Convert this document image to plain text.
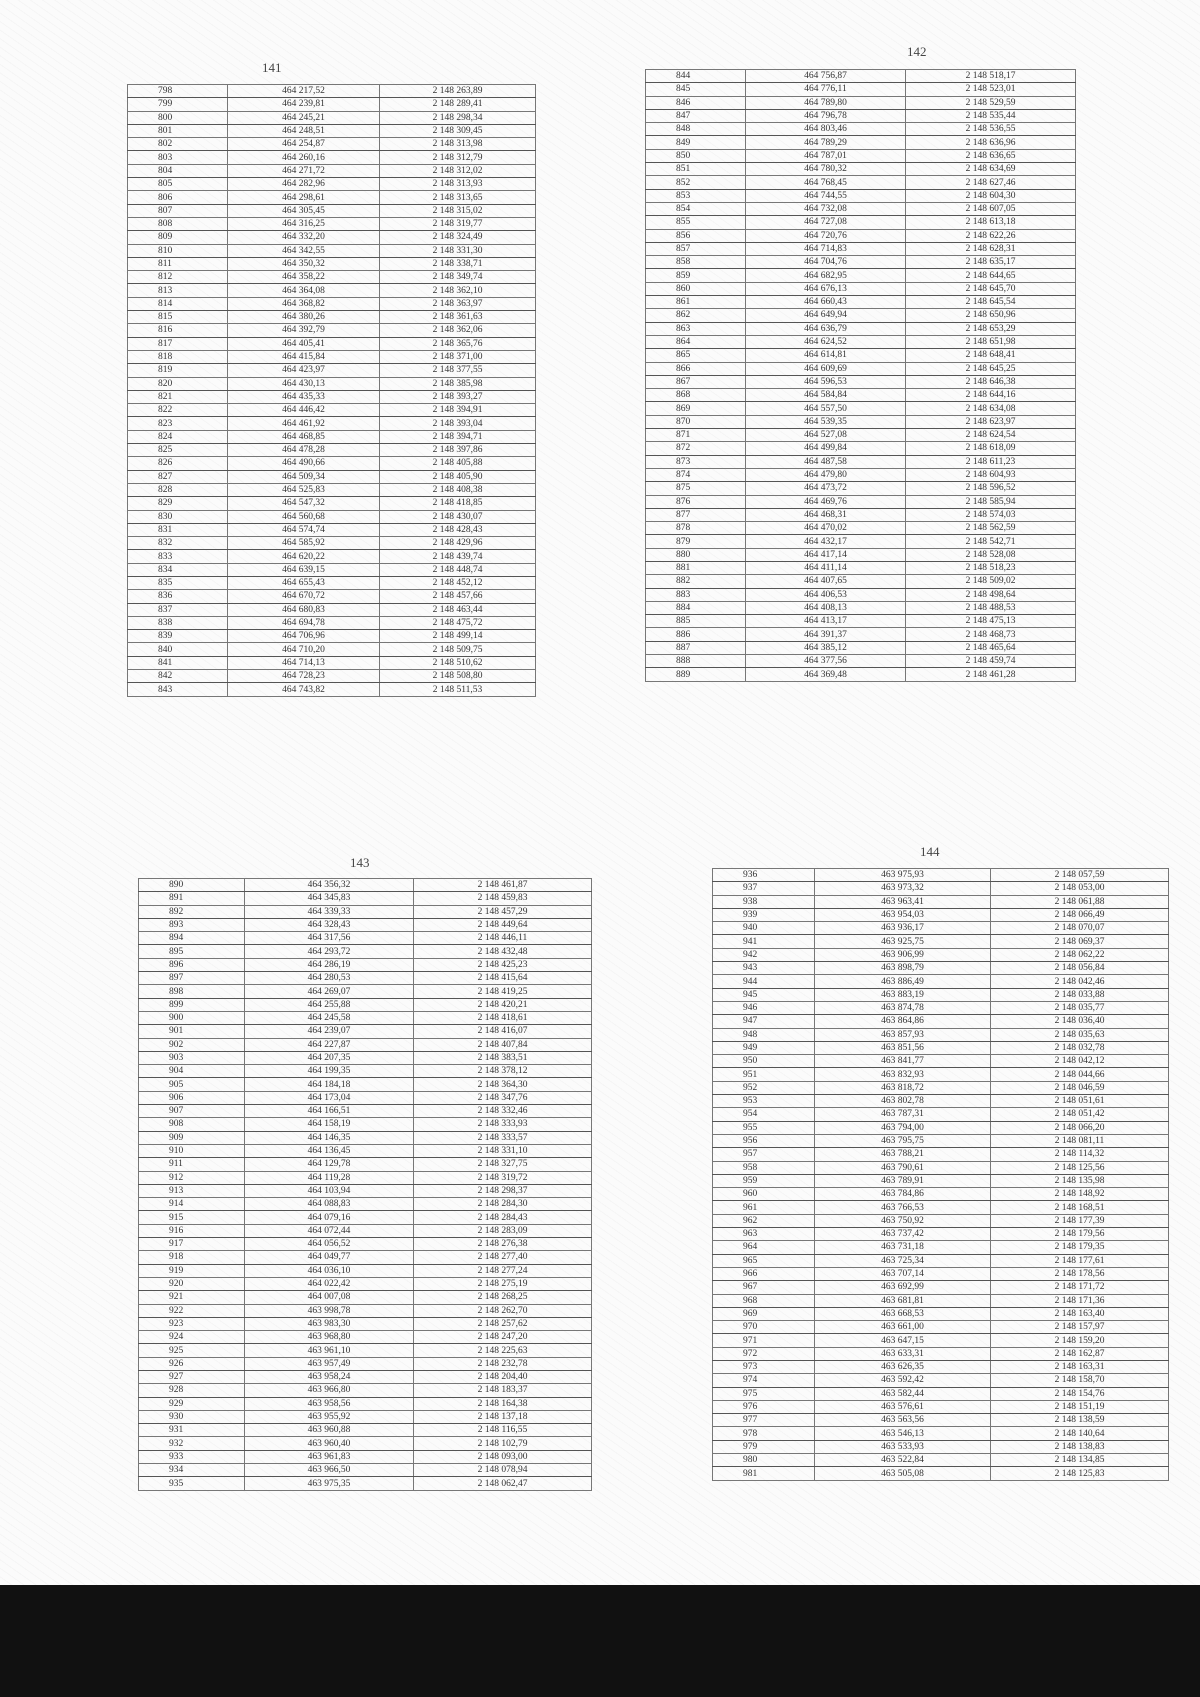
141
798	464 217,52	2 148 263,89
799	464 239,81	2 148 289,41
800	464 245,21	2 148 298,34
801	464 248,51	2 148 309,45
802	464 254,87	2 148 313,98
803	464 260,16	2 148 312,79
804	464 271,72	2 148 312,02
805	464 282,96	2 148 313,93
806	464 298,61	2 148 313,65
807	464 305,45	2 148 315,02
808	464 316,25	2 148 319,77
809	464 332,20	2 148 324,49
810	464 342,55	2 148 331,30
811	464 350,32	2 148 338,71
812	464 358,22	2 148 349,74
813	464 364,08	2 148 362,10
814	464 368,82	2 148 363,97
815	464 380,26	2 148 361,63
816	464 392,79	2 148 362,06
817	464 405,41	2 148 365,76
818	464 415,84	2 148 371,00
819	464 423,97	2 148 377,55
820	464 430,13	2 148 385,98
821	464 435,33	2 148 393,27
822	464 446,42	2 148 394,91
823	464 461,92	2 148 393,04
824	464 468,85	2 148 394,71
825	464 478,28	2 148 397,86
826	464 490,66	2 148 405,88
827	464 509,34	2 148 405,90
828	464 525,83	2 148 408,38
829	464 547,32	2 148 418,85
830	464 560,68	2 148 430,07
831	464 574,74	2 148 428,43
832	464 585,92	2 148 429,96
833	464 620,22	2 148 439,74
834	464 639,15	2 148 448,74
835	464 655,43	2 148 452,12
836	464 670,72	2 148 457,66
837	464 680,83	2 148 463,44
838	464 694,78	2 148 475,72
839	464 706,96	2 148 499,14
840	464 710,20	2 148 509,75
841	464 714,13	2 148 510,62
842	464 728,23	2 148 508,80
843	464 743,82	2 148 511,53
142
844	464 756,87	2 148 518,17
845	464 776,11	2 148 523,01
846	464 789,80	2 148 529,59
847	464 796,78	2 148 535,44
848	464 803,46	2 148 536,55
849	464 789,29	2 148 636,96
850	464 787,01	2 148 636,65
851	464 780,32	2 148 634,69
852	464 768,45	2 148 627,46
853	464 744,55	2 148 604,30
854	464 732,08	2 148 607,05
855	464 727,08	2 148 613,18
856	464 720,76	2 148 622,26
857	464 714,83	2 148 628,31
858	464 704,76	2 148 635,17
859	464 682,95	2 148 644,65
860	464 676,13	2 148 645,70
861	464 660,43	2 148 645,54
862	464 649,94	2 148 650,96
863	464 636,79	2 148 653,29
864	464 624,52	2 148 651,98
865	464 614,81	2 148 648,41
866	464 609,69	2 148 645,25
867	464 596,53	2 148 646,38
868	464 584,84	2 148 644,16
869	464 557,50	2 148 634,08
870	464 539,35	2 148 623,97
871	464 527,08	2 148 624,54
872	464 499,84	2 148 618,09
873	464 487,58	2 148 611,23
874	464 479,80	2 148 604,93
875	464 473,72	2 148 596,52
876	464 469,76	2 148 585,94
877	464 468,31	2 148 574,03
878	464 470,02	2 148 562,59
879	464 432,17	2 148 542,71
880	464 417,14	2 148 528,08
881	464 411,14	2 148 518,23
882	464 407,65	2 148 509,02
883	464 406,53	2 148 498,64
884	464 408,13	2 148 488,53
885	464 413,17	2 148 475,13
886	464 391,37	2 148 468,73
887	464 385,12	2 148 465,64
888	464 377,56	2 148 459,74
889	464 369,48	2 148 461,28
143
890	464 356,32	2 148 461,87
891	464 345,83	2 148 459,83
892	464 339,33	2 148 457,29
893	464 328,43	2 148 449,64
894	464 317,56	2 148 446,11
895	464 293,72	2 148 432,48
896	464 286,19	2 148 425,23
897	464 280,53	2 148 415,64
898	464 269,07	2 148 419,25
899	464 255,88	2 148 420,21
900	464 245,58	2 148 418,61
901	464 239,07	2 148 416,07
902	464 227,87	2 148 407,84
903	464 207,35	2 148 383,51
904	464 199,35	2 148 378,12
905	464 184,18	2 148 364,30
906	464 173,04	2 148 347,76
907	464 166,51	2 148 332,46
908	464 158,19	2 148 333,93
909	464 146,35	2 148 333,57
910	464 136,45	2 148 331,10
911	464 129,78	2 148 327,75
912	464 119,28	2 148 319,72
913	464 103,94	2 148 298,37
914	464 088,83	2 148 284,30
915	464 079,16	2 148 284,43
916	464 072,44	2 148 283,09
917	464 056,52	2 148 276,38
918	464 049,77	2 148 277,40
919	464 036,10	2 148 277,24
920	464 022,42	2 148 275,19
921	464 007,08	2 148 268,25
922	463 998,78	2 148 262,70
923	463 983,30	2 148 257,62
924	463 968,80	2 148 247,20
925	463 961,10	2 148 225,63
926	463 957,49	2 148 232,78
927	463 958,24	2 148 204,40
928	463 966,80	2 148 183,37
929	463 958,56	2 148 164,38
930	463 955,92	2 148 137,18
931	463 960,88	2 148 116,55
932	463 960,40	2 148 102,79
933	463 961,83	2 148 093,00
934	463 966,50	2 148 078,94
935	463 975,35	2 148 062,47
144
936	463 975,93	2 148 057,59
937	463 973,32	2 148 053,00
938	463 963,41	2 148 061,88
939	463 954,03	2 148 066,49
940	463 936,17	2 148 070,07
941	463 925,75	2 148 069,37
942	463 906,99	2 148 062,22
943	463 898,79	2 148 056,84
944	463 886,49	2 148 042,46
945	463 883,19	2 148 033,88
946	463 874,78	2 148 035,77
947	463 864,86	2 148 036,40
948	463 857,93	2 148 035,63
949	463 851,56	2 148 032,78
950	463 841,77	2 148 042,12
951	463 832,93	2 148 044,66
952	463 818,72	2 148 046,59
953	463 802,78	2 148 051,61
954	463 787,31	2 148 051,42
955	463 794,00	2 148 066,20
956	463 795,75	2 148 081,11
957	463 788,21	2 148 114,32
958	463 790,61	2 148 125,56
959	463 789,91	2 148 135,98
960	463 784,86	2 148 148,92
961	463 766,53	2 148 168,51
962	463 750,92	2 148 177,39
963	463 737,42	2 148 179,56
964	463 731,18	2 148 179,35
965	463 725,34	2 148 177,61
966	463 707,14	2 148 178,56
967	463 692,99	2 148 171,72
968	463 681,81	2 148 171,36
969	463 668,53	2 148 163,40
970	463 661,00	2 148 157,97
971	463 647,15	2 148 159,20
972	463 633,31	2 148 162,87
973	463 626,35	2 148 163,31
974	463 592,42	2 148 158,70
975	463 582,44	2 148 154,76
976	463 576,61	2 148 151,19
977	463 563,56	2 148 138,59
978	463 546,13	2 148 140,64
979	463 533,93	2 148 138,83
980	463 522,84	2 148 134,85
981	463 505,08	2 148 125,83
